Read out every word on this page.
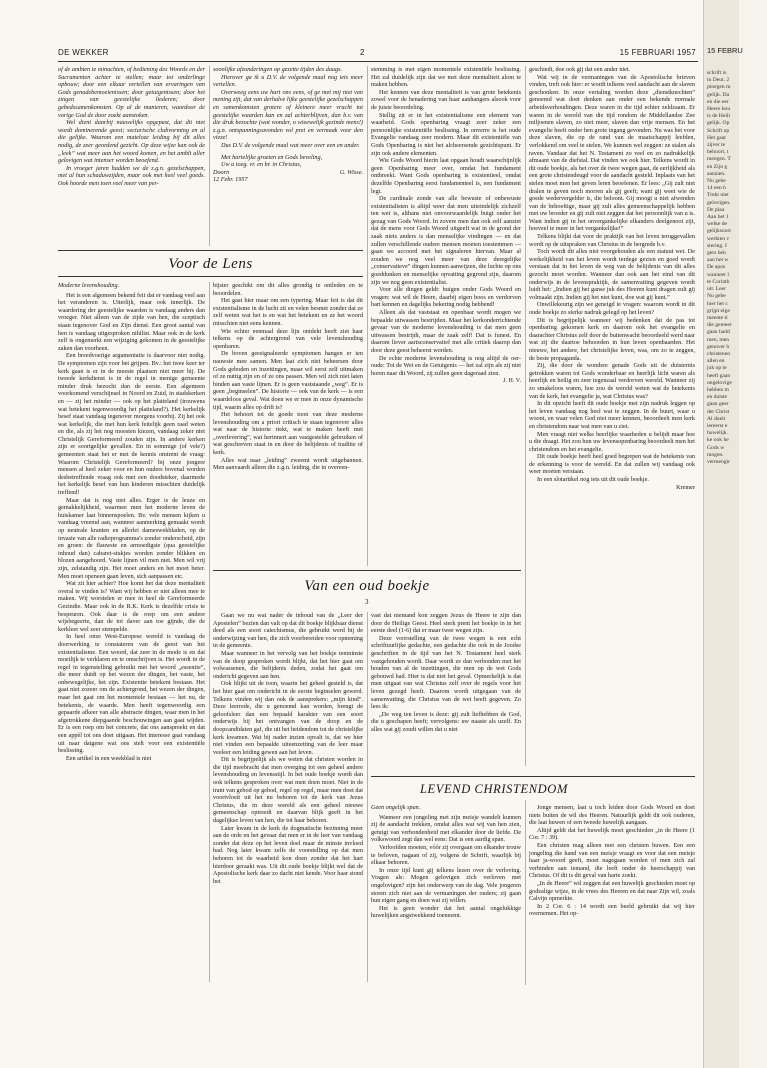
DE WEKKER	2	15 FEBRUARI 1957

of de ambten te minachten, of bediening des Woords en der Sacramenten achter te stellen; maar tot onderlinge opbouw; door een elkaar vertellen van ervaringen van Gods genadebemoeienissen; door getuigenissen; door het zingen van geestelijke liederen; door gebedssamenkomsten. Op al de manieren, waardoor de vorige God de door zoekt aanstoken.

Wel dient daarbij nauwelijks opgepast, dat dit niet wordt dominerende geest; sectarische clubvorming en al die gelijke. Waarom een mateloze leiding bij dit alles nodig, de zeer geordend gezicht. Op deze wijze kan ook de „leek” wat meer aan het woord komen, en het amblt aller gelovigen wat intenser worden beoefend.

In vroeger jaren hadden we de z.g.n. gezelschappen, met al hun schaduwzijden, maar ook met heel veel goeds. Ook hoorde men toen veel meer van per-

soonlijke afzonderingen op gezette tijden des daags.

Hierover ga ik u D.V. de volgende maal nog iets meer vertellen.

Overweeg eens uw hart ons eens, of ge met mij niet van mening zijt, dat van derhalve lijke geestelijke gezelschappen en samenkomsten grotere of kleinere meer vrucht tot geestelijke waarden kan en zal achterblijven, dan b.v. van die druk bezochte (wat wonder, o wieewelijk gezinde mens!) z.g.n. ontspanningsavonden vol pret en vermaak voor den vieze!

Dus D.V. de volgende maal wat meer over een en ander.

Met hartelijke groeten en Gods beveling,

Uw u toeg. vr. en br. in Christus,

Doorn	G. Wisse.

12 Febr. 1957

Voor de Lens

Moderne levenshouding.

Het is een algemeen bekend feit dat er vandaag veel aan het veranderen is. Uiterlijk, maar ook innerlijk. De waardering der geestelijke waarden is vandaag anders dan vroeger. Niet alleen van de zijde van hen, die sceptisch staan tegenover God en Zijn dienst. Een groot aantal van hen is vandaag uitgesproken nihilist. Maar ook in de kerk zelf is ongemerkt een wijziging gekomen in de geestelijke zaken dan voorheen.

Een breedvoerige argumentatie is daarvoor niet nodig. De symptomen zijn voor het grijpen. Bv.: het twee keer ter kerk gaan is er in de meeste plaatsen niet meer bij. De tweede kerkdienst is in de regel in menige gemeente minder druk bezocht dan de eerste. Een algemeen voorkomend verschijnsel in Noord en Zuid, in stadskerken en — zij het minder — ook op het platteland (trouwens wat betekent tegenwoordig het platteland?). Het kerkelijk besef staat vandaag tegenover morgens voorbij. Zij het ook wat kerkelijk, die met hun kerk feitelijk geen raad weten en die, als zij het nog moesten kiezen, vandaag zeker niet Christelijk Gereformeerd zouden zijn. In andere kerken zijn er soortgelijke gevallen. En in sommige (of vele?) gemeenten staat het er met de kennis omtrent de vraag: Waarom Christelijk Gereformeerd? bij onze jongere mensen al heel zeker voor en hun ouders bovenal worden desbetreffende vraag ook met een doodsteker, daarmede het kerkelijk besef van hun kinderen misschien duidelijk treffend!

Maar dat is nog niet alles. Erger is de leuze en gemakkelijkheid, waarmee men het moderne leven de huiskamer laat binnenspoelen. Bv. vele mensen kijken u vandaag vreemd aan, wanneer aanmerking gemaakt wordt op neutrale kranten en allerlei dameswekbladen, op de invasie van alle radioprogramma's zonder onderscheid, zijn en groen: de flauwste en armoedigste (qua geestelijke inhoud dan) cabaret-stukjes worden zonder blikken en blozen aangehoord. Vaste lijnen vil men niet. Men wil vrij zijn, zelstandig zijn. Het moet anders en het moet beter. Men moet openeen gaan leven, sich aanpassen etc.

Wat zit hier achter? Hoe komt het dat deze mentaliteit overal te vinden is? Want wij hebben er niet alleen mee te maken. Wij worstelen er mee in heel de Gereformeerde Gezindte. Maar ook in de R.K. Kerk is dezelfde crisis te bespeuren. Ook daar is de roep om een andere wijsbegeerte, dan de tot daver aan toe gijnde, die de kerkleer wel zeer stempelde.

In heel onze West-Europese wereld is vandaag de doorwerking te constateren van de geest van het existentialisme. Een woord, dat zeer in de mode is en dat moeilijk te verklaren en te omschrijven is. Het wordt in de regel in tegenstelling gebruikt met het woord „essentie”, die meer duidt op het wezen der dingen, het vaste, het onbewegelijke, het zijn. Existentie betekent bestaan. Het gaat niet zozeer om de achtergrond, het wezen der dingen, maar het gaat om het momentele bestaan — het nu, de betekenis, de waarde. Men heeft tegenwoordig een gepaarde afkeer van alle abstracte dingen, waar men in het afgetrokkene diepgaande beschouwingen aan gaat wijden. Er is een roep om het concrete, dat ons aanspreekt en dat een appèl tot ons doet uitgaan. Het interesse gaat vandaag uit naar datgene wat ons stelt voor een existentiële beslissing.

Een artikel in een weekblad is niet

bijster geschikt om dit alles grondig te ontleden en te beoordelen.

Het gaat hier maar om een typering. Maar feit is dat dit existentialisme in de lucht zit en velen besmet zonder dat ze zelf weten wat het is en wat het betekent en ze het woord misschien niet eens kennen.

Wie echter eenmaal deze lijn ontdekt heeft ziet haar telkens op de achtergrond van vele levenshouding openbaren.

De boven geesignaleerde symptomen hangen er ten nauwste mee samen. Men laat zich niet beheersen door Gods geboden en inzettingen, maar wil eerst zelf uitmaken of ze nuttig zijn en of ze ons passen. Men wil zich niet laten binden aan vaste lijnen. Er is geen vaststaande „weg”. Er is geen „beginselen”. De historie — ook van de kerk — is een waardeloos geval. Wat doen we er mee in onze dynamische tijd, waarin alles op drift is?

Het behoort tot de goede toon van deze moderne levenshouding om a priori critisch te staan tegenover alles wat naar de historie riekt, wat te maken heeft met „overlevering”, wat herinnert aan vastgestelde gebruiken of wat geschreven staat in en door de belijdenis of traditie of kerk.

Alles wat naar „leiding” zweemt wordt uitgebannen. Men aanvaardt alleen die z.g.n. leiding, die in overeen-

stemming is met eigen momentele existentiële beslissing. Het zal duidelijk zijn dat we met deze mentaliteit alom te maken hebben.

Het kennen van deze mentaliteit is van grote betekenis zowel voor de benadering van haar aanhangers alsook voor de juiste beoordeling.

Stellig zit er in het existentialisme een element van waarheid. Gods openbaring vraagt zeer zeker een persoonlijke existentiële beslissing. In onverre is het oude Evangelie vandaag zeer modern. Maar dit existentiële van Gods Openbaring is niet het alcheersende gezichtspunt. Er zijn ook andere elementen.

Wie Gods Woord hierin laat opgaan houdt waarschijnlijk geen Openbaring meer over, omdat het fundament ontbreekt. Want Gods openbaring is existentieel, omdat dezelfde Openbaring eerst fundamenteel is, een fundament legt.

De cardinale zonde van alle bewuste of onbewuste existentialisten is altijd weer dat men uiteindelijk zichzelf ten wet is, althans niet onvoorwaardelijk buigt onder het gezag van Gods Woord. In zovere men dan ook zelf aanziet dat de mens voor Gods Woord uitgeeft wat in de grond der zaak niets anders is dan menselijke vindingen — en dat zullen verschillende oudere mensen moeten toestemmen — gaan we accoord met het signaleren hiervan. Maar al zouden we nog veel meer van deze deregelijke „conservatieve” dingen kunnen aanwijzen, die luchte op ons goeddunken en menselijke opvatting gegrond zijn, daarom zijn we nog geen existentialist.

Voor alle dingen geldt: buigen onder Gods Woord en vragen: wat wil de Heere, daarbij eigen boos en verdorven hart kennen en dagelijks bekering nodig hebbend!

Alleen als dat vaststaat en openbaar wordt mogen we bepaalde uitwassen bestrijden. Maar het kerkonderrichtende gevaar van de moderne levenshouding is dat men geen uitwassen bestrijdt, maar de zaak zelf! Dat is funest. En daarom liever aartsconservatief met alle critiek daarop dan door deze geest beheerst worden.

De echte moderne levenshouding is nog altijd de oer-oude: Tot de Wet en de Getuigenis — het zal zijn als zij niet horen naar dit Woord, zij zullen geen dageraad zien.

J. H. V.

geschiedt, doe ook gij dat een ander niet.

Wat wij in de vermaningen van de Apostolische brieven vinden, treft ook hier: er wordt telkens veel aandacht aan de slaven geschonken. In onze vertaling worden deze „dienstknechten” genoemd wat doet denken aan onder een bekende normale arbeidsverhoudingen. Deze waren in die tijd echter zeldzaam. Er waren in de wereld van die tijd rondom de Middellandse Zee miljoenen slaven, zo niet meer, slaven dan vrije mensen. En het evangelie heeft onder hen grote ingang gevonden. Nu was het voor deze slaven, die op de rand van de maatschappij leefden, verlokkend om veel te stelen. We kunnen wel zeggen: ze stalen als raven. Vandaar dat het N. Testament zo veel en zo nadrukkelijk afmaant van de diefstal. Dat vinden we ook hier. Telkens wordt in dit oude boekje, als het over de twee wegen gaat, de eerlijkheid als een grote christendeugd voor de aandacht gesteld. Inplaats van het stelen moet men het geven leren beoefenen. Er lees: „Gij zult niet dralen te geven noch morren als gij geeft; want gij weet wie de goede wedervergelder is, die beloont. Gij moogt u niet afwenden van de behoeftige, maar gij zult alles gemeenschappelijk hebben met uw broeder en gij zult niet zeggen dat het persoonlijk van u is. Want indien gij in het onvergankelijke elkanders deelgenoot zijt, hoeveel te meer in het vergankelijke!”

Telkens blijkt dat voor de praktijk van het leven teruggevallen wordt op de uitspraken van Christus in de bergrede b.v.

Toch wordt dit alles niet voorgehouden als een statuut wet. De werkelijkheid van het leven wordt terdege gezien en goed wordt verstaan dat in het leven de weg van de belijdenis van dit alles gezocht moet worden. Wanneer dan ook aan het eind van dit onderwijs in de levenspraktijk, de samenvatting gegeven wordt luidt het: „Indien gij het ganse juk des Heeren kunt dragen zult gij volmaakt zijn. Indien gij het niet kunt, doe wat gij kunt.”

Onwillekeurig zijn we geneigd te vragen: waarom wordt in dit oude boekje zo sterke nadruk gelegd op het leven?

Dit is begrijpelijk wanneer wij bedenken dat de pas tot openbaring gekomen kerk en daarom ook het evangelie en daarachter Christus zelf door de buitenwacht beoordeeld werd naar wat zij die daartoe behoorden in hun leven openbaarden. Het nieuwe, het andere, het christelijke leven, was, om zo te zeggen, de beste propaganda.

Zij, die door de wondere genade Gods uit de duisternis getrokken waren tot Gods wonderbaar en heerlijk licht waren als heerlijk en heilig en zeer tegenzaal verdorven wereld. Wanneer zij zo smakeloos waren, hoe zou de wereld weten wat de betekenis van de kerk, het evangelie ja, wat Christus was?

In dit opzicht heeft dit oude boekje met zijn nadruk leggen op het leven vandaag nog heel wat te zeggen. In de buurt, waar u woont, en waar velen God niet meer kennen, beoordeelt men kerk en christendom naar wat men van u ziet.

Men vraagt niet welke heerlijke waarheden u belijdt maar hoe u die draagt. Het zou hun uw levensopenbaring beoordeelt men het christendom en het evangelie.

Dit oude boekje heeft heel goed begrepen wat de betekenis van de erkenning is voor de wereld. En dat zullen wij vandaag ook weer moeten verstaan.

In een slotartikel nog iets uit dit oude boekje.

Kremer

Van een oud boekje
3

Gaan we nu wat nader de inhoud van de „Leer der Apostelen” bezien dan valt op dat dit boekje blijkbaar dienst deed als een soort catechismus, die gebruikt werd bij de onderwijzing van hen, die zich voorbereiden voor opneming in de gemeente.

Maar wanneer in het vervolg van het boekje temninste van de doop gesproken wordt blijkt, dat het hier gaat om volwassenen, die belijdenis deden, zodat het gaat om ondericht gegeven aan hen.

Ook blijkt uit de toon, waarin het geheel gesteld is, dat het hier gaat om ondericht in de eerste beginselen gewerd. Telkens vinden wij dan ook de aansprekers: „mijn kind”. Deze leerrede, die u genoemd kan worden, brengt de geloofsleer dan een bepaald karakter van een soort onderwijs bij het ontvangen van de doop en de doopcandidaten gaf, die uit het heidendom tot de christelijke kerk kwamen. Wat bij nader inzien opvalt is, dat we hier niet vinden een bepaalde uiteenzetting van de leer maar veeleer een leiding gewen aan het leven.

Dit is begrijpelijk als we weten dat christen worden in die tijd meebracht dat men overging tot een geheel andere levenshouding en levensstijl. In het oude boekje wordt dan ook telkens gesproken over wat men doen moet. Niet in de trant van gebod op gebod, regel op regel, maar men doet dat voortvloeit uit het nu behoren tot de kerk van Jezus Christus, die in deze wereld als een geheel nieuwe gemeenschap optreedt en daarvan blijk geeft in het dagelijkse leven van hen, die tot haar behoren.

Later kwam in de kerk de dogmatische bezinning meer aan de orde en het gevaar dat men er in de leer van vandaag zonder dat deze op het leven doel maar de minste invloed had. Nog later kwam zelfs de voorstelling op dat men behoren tot de waarheid kon doen zonder dat het hart hierdoor geraakt was. Uit dit oude boekje blijkt wel dat de Apostolische kerk daar zo dacht niet kende. Voor haar stond het

vast dat niemand kon zeggen Jezus de Heere te zijn dan door de Heilige Geest. Heel sterk prent het boekje in in het eerste deel (1-6) dat er maar twee wegen zijn.

Deze voorstelling van de twee wegen is een echt schriftuurlijke gedachte, een gedachte die ook in de Joodse geschriften in de tijd van het N. Testament heel sterk vastgehouden wordt. Daar wordt ze dan verbonden met het houden van al de inzettingen, die men op de wet Gods gebouwd had. Hier is dat niet het geval. Opmerkelijk is dat men uitgaat van wat Christus zelf over de regels voor het leven gezegd heeft. Daarom wordt uitgegaan van de samenvatting, die Christus van de wet heeft gegeven. Zo lees ik:

„De weg ten leven is deze: gij zult liefhebben de God, die u geschapen heeft; vervolgens: uw naaste als uzelf. En alles wat gij zoudt willen dat u niet

LEVEND CHRISTENDOM

Geen ongelijk span.

Wanneer een jongeling met zijn meisje wandelt kunnen zij de aandacht trekken, omdat alles wat wij van hen zien, getuigt van verbondenheid met elkander door de liefde. De volkswoord zegt dan wel eens: Dat is een aardig span.

Verloofden moeten, vóór zij overgaan om elkander trouw te beloven, nagaan of zij, volgens de Schrift, waarlijk bij elkaar behoren.

In onze tijd kunt gij telkens lezen over de verloving. Vragen als: Mogen gelovigen zich verloven met ongelovigen? zijn het onderwerp van de dag. Vele jongeren storen zich niet aan de vermaningen der ouders; zij gaan hun eigen gang en doen wat zij willen.

Het is geen wonder dat het aantal ongelukkige huwelijken angstwekkend toeneemt.

Jonge mensen, laat u toch leiden door Gods Woord en doet niets buiten de wil des Heeren. Natuurlijk geldt dit ook ouderen, die laat huwen of een tweede huwelijk aangaan.

Altijd geldt dat het huwelijk moet geschieden „in de Heere (1 Cor. 7 : 39).

Een christen mag alleen met een christen huwen. Een een jongeling die hand van een meisje vraagt en voor dat een meisje haar ja-woord geeft, moet nagegaan worden of men zich zal verbinden aan iemand, die leeft onder de heerschappij van Christus. Of dit is dit geval van harte zoekt.

„In de Heere” wil zeggen dat een huwelijk geschieden moet op godzalige wijze, in de vrees des Heeren en dat naar Zijn wil, zoals Calvijn opmerkte.

In 2 Cor. 6 : 14 wordt een beeld gebruikt dat wij hier overnemen. Het op-

15 FEBRU
schrift is
in Deut. 2
ploegen m
gelijk. Da
en die eer
Heere hou
is de Heili
gelijk. Op
Schrift op
Het gaat
zijver te
behoort, t
mengen. T
en Zijn g
aanzien.
Nu gebe
14 een b
Trekt niet
gelovigen.
De plaa
Aan het 1
welke de
gelijksoort
werkten v
stering. I
gers beh
aan het w
De apos
wanneer l
te Corinth
uit. Leer
Nu gebe
hier het c
grijpt eige
meente ti
die gemeer
gaan hadd
men, men
genover h
christenen
allen en
juk op te
heeft gaan
ongelovige
hebben m
en duiste
gaan geer
der Christ
Al doelt
iereerst e
huwelijk.
ke ook he
Gods w
mogen.
vermengir
